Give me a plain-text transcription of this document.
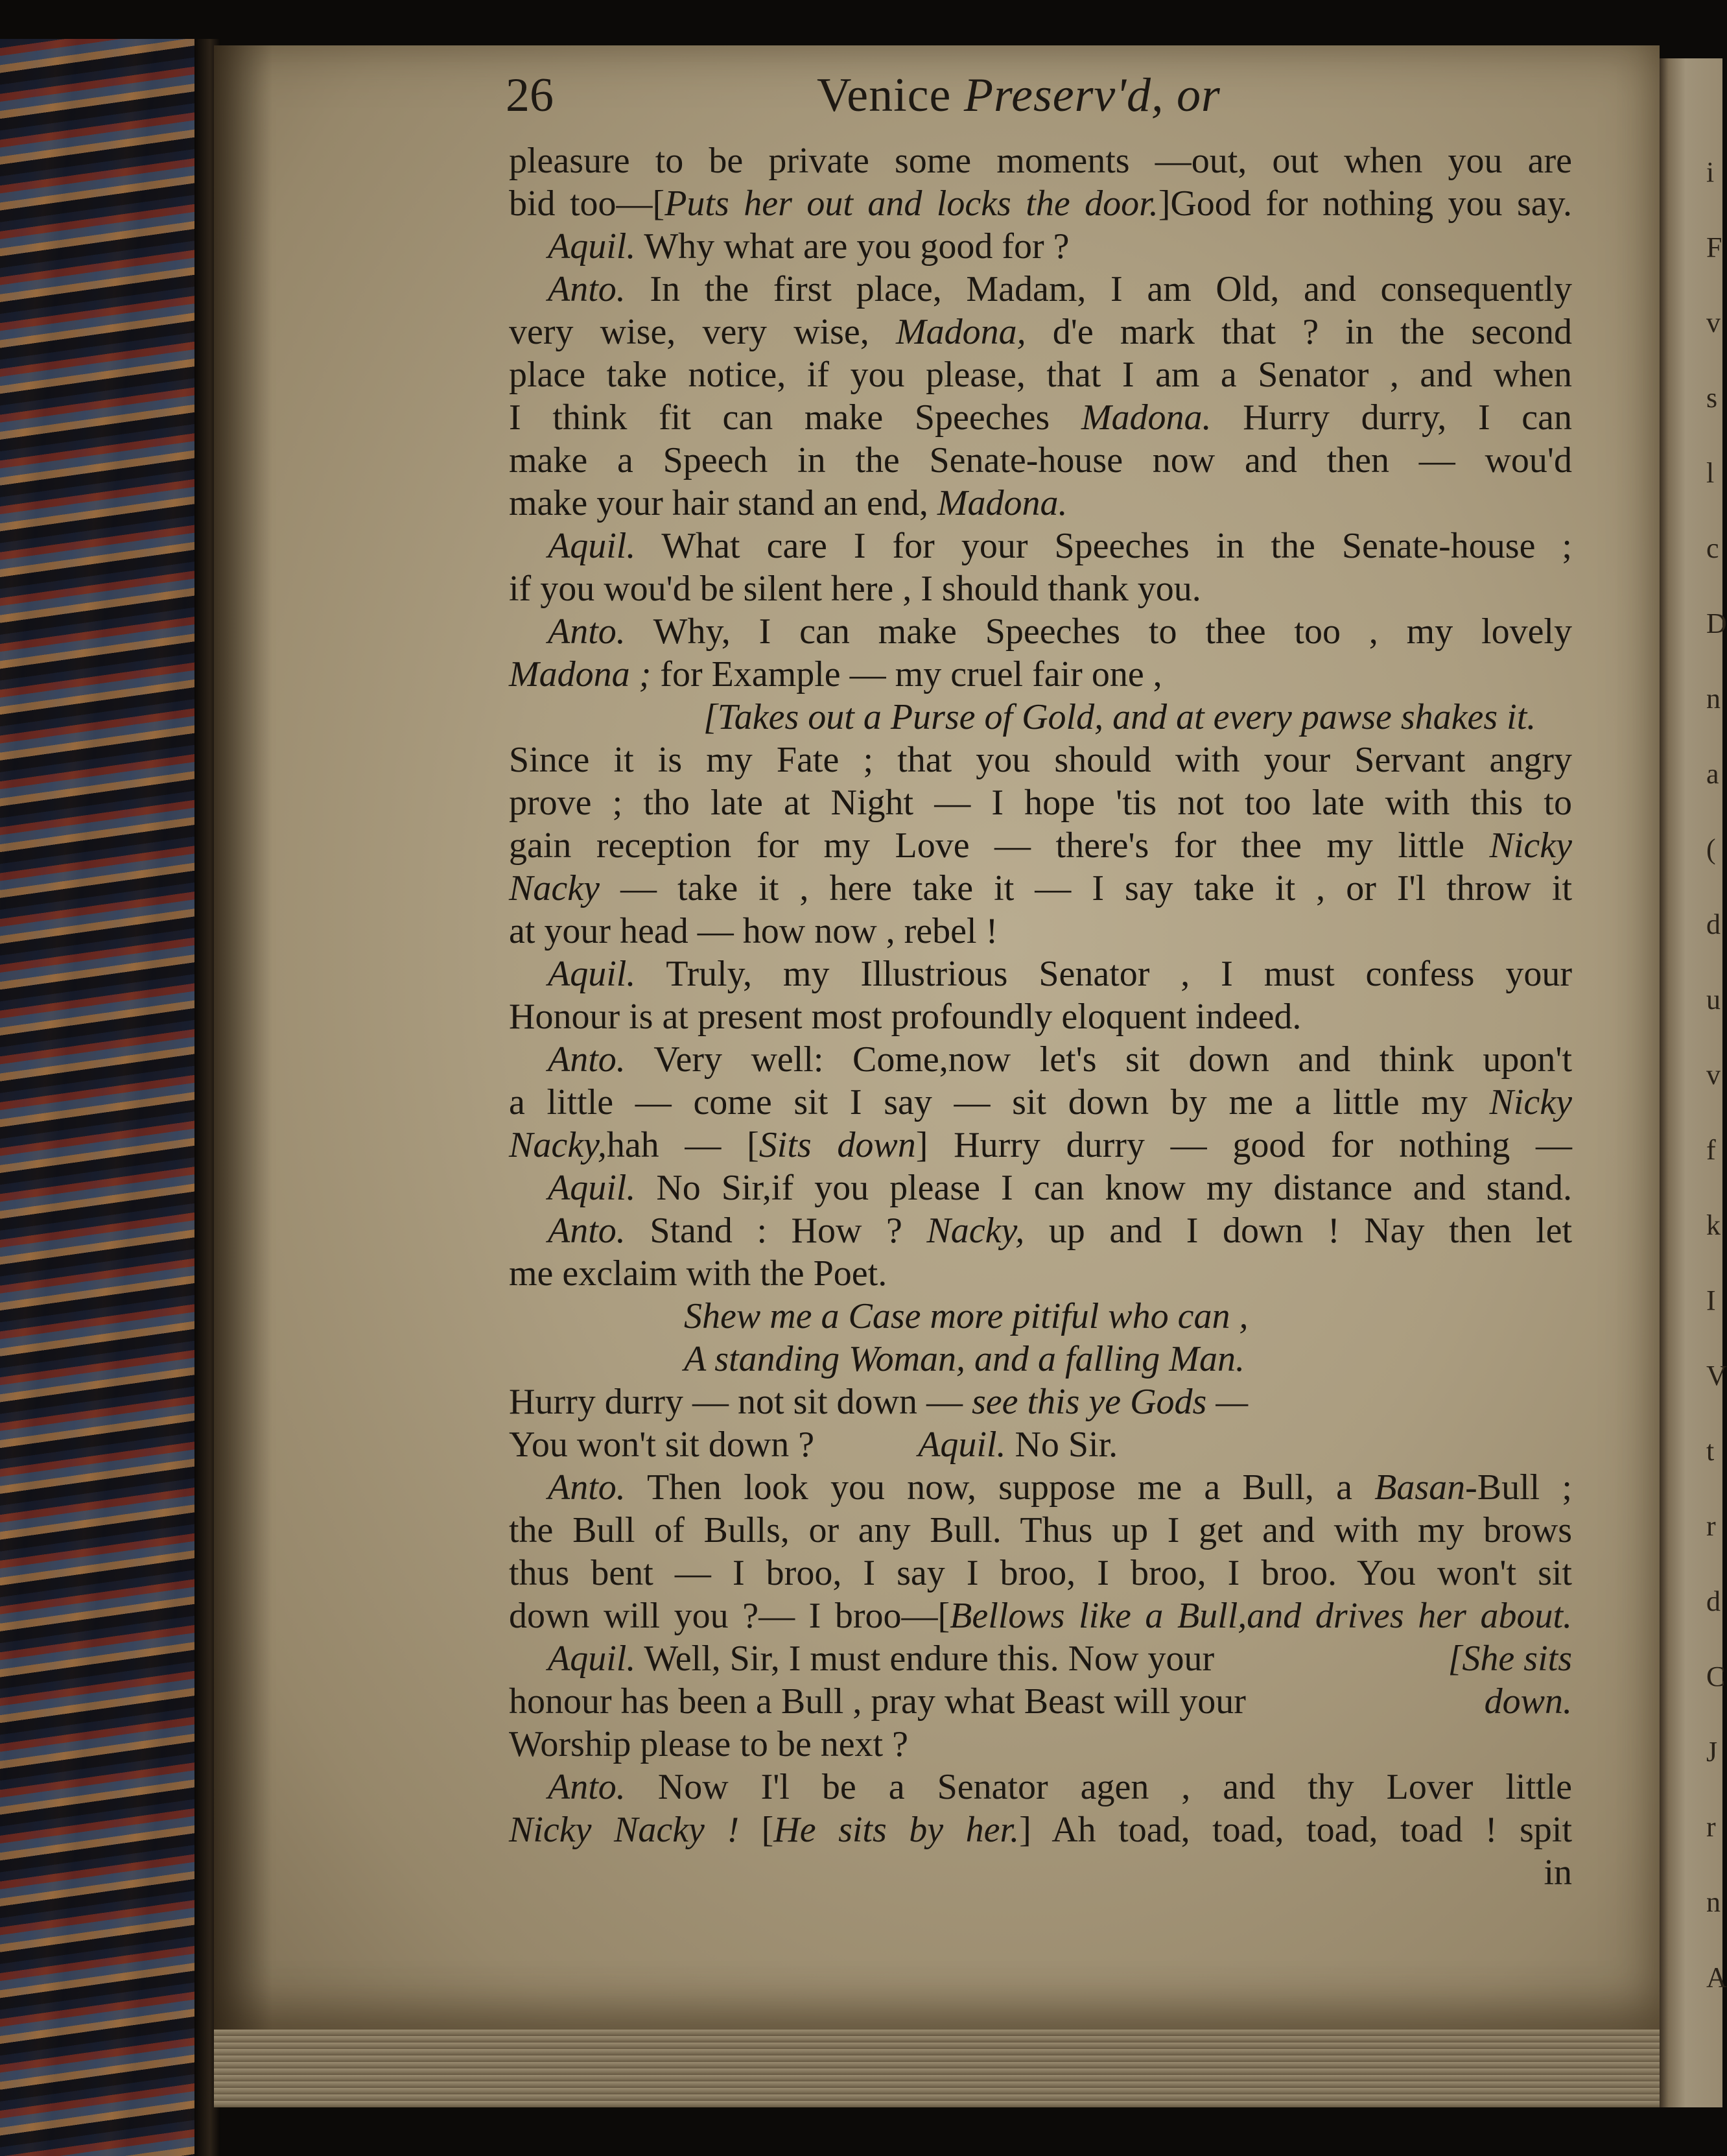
i
F
v
s
l
c
D
n
a
(
d
u
v
f
k
I
V
t
r
d
C
J
r
n
A
26	Venice Preserv'd, or
pleasure to be private some moments —out, out when you are
bid too—[Puts her out and locks the door.]Good for nothing you say.
Aquil. Why what are you good for ?
Anto. In the first place, Madam, I am Old, and consequently
very wise, very wise, Madona, d'e mark that ? in the second
place take notice, if you please, that I am a Senator , and when
I think fit can make Speeches Madona. Hurry durry, I can
make a Speech in the Senate-house now and then — wou'd
make your hair stand an end, Madona.
Aquil. What care I for your Speeches in the Senate-house ;
if you wou'd be silent here , I should thank you.
Anto. Why, I can make Speeches to thee too , my lovely
Madona ; for Example — my cruel fair one ,
[Takes out a Purse of Gold, and at every pawse shakes it.
Since it is my Fate ; that you should with your Servant angry
prove ; tho late at Night — I hope 'tis not too late with this to
gain reception for my Love — there's for thee my little Nicky
Nacky — take it , here take it — I say take it , or I'l throw it
at your head — how now , rebel !
Aquil. Truly, my Illustrious Senator , I must confess your
Honour is at present most profoundly eloquent indeed.
Anto. Very well: Come,now let's sit down and think upon't
a little — come sit I say — sit down by me a little my Nicky
Nacky,hah — [Sits down] Hurry durry — good for nothing —
Aquil. No Sir,if you please I can know my distance and stand.
Anto. Stand : How ? Nacky, up and I down ! Nay then let
me exclaim with the Poet.
Shew me a Case more pitiful who can ,
A standing Woman, and a falling Man.
Hurry durry — not sit down — see this ye Gods —
You won't sit down ?	Aquil. No Sir.
Anto. Then look you now, suppose me a Bull, a Basan-Bull ;
the Bull of Bulls, or any Bull. Thus up I get and with my brows
thus bent — I broo, I say I broo, I broo, I broo. You won't sit
down will you ?— I broo—[Bellows like a Bull,and drives her about.
Aquil. Well, Sir, I must endure this. Now your	[She sits
honour has been a Bull , pray what Beast will your	down.
Worship please to be next ?
Anto. Now I'l be a Senator agen , and thy Lover little
Nicky Nacky ! [He sits by her.] Ah toad, toad, toad, toad ! spit
in
